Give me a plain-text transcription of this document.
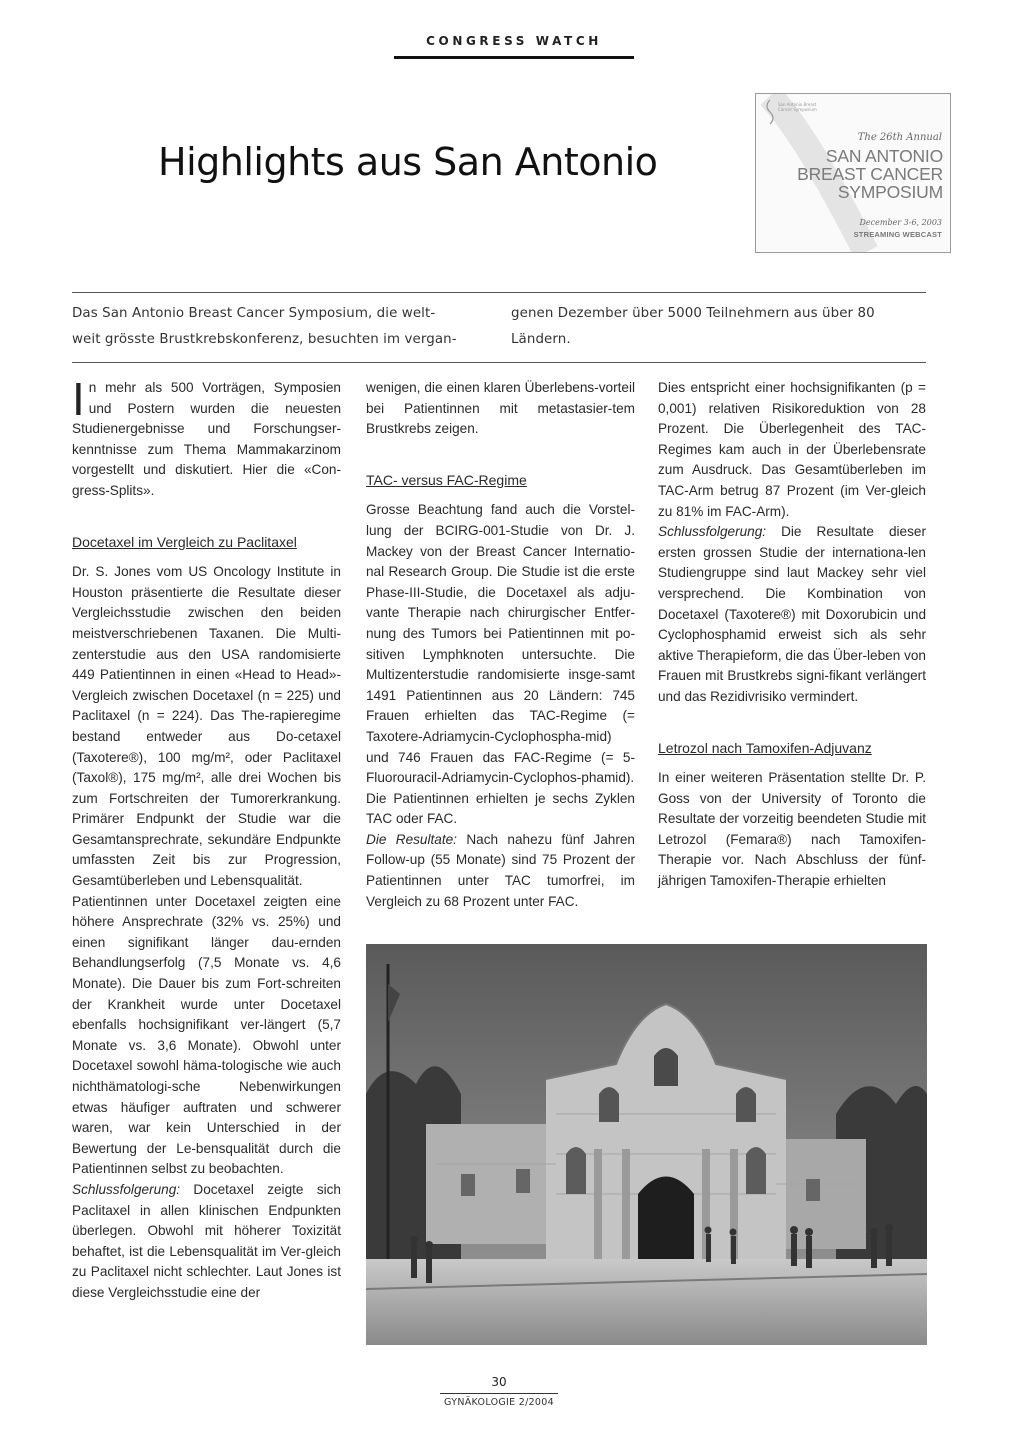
CONGRESS WATCH
Highlights aus San Antonio
San Antonio Breast Cancer Symposium
The 26th Annual
SAN ANTONIO
BREAST CANCER
SYMPOSIUM
December 3-6, 2003
STREAMING WEBCAST
Das San Antonio Breast Cancer Symposium, die welt-
weit grösste Brustkrebskonferenz, besuchten im vergan-
genen Dezember über 5000 Teilnehmern aus über 80
Ländern.

In mehr als 500 Vorträgen, Symposien und Postern wurden die neuesten Studienergebnisse und Forschungser-kenntnisse zum Thema Mammakarzinom vorgestellt und diskutiert. Hier die «Con-gress-Splits».

Docetaxel im Vergleich zu Paclitaxel

Dr. S. Jones vom US Oncology Institute in Houston präsentierte die Resultate dieser Vergleichsstudie zwischen den beiden meistverschriebenen Taxanen. Die Multi-zenterstudie aus den USA randomisierte 449 Patientinnen in einen «Head to Head»-Vergleich zwischen Docetaxel (n = 225) und Paclitaxel (n = 224). Das The-rapieregime bestand entweder aus Do-cetaxel (Taxotere®), 100 mg/m², oder Paclitaxel (Taxol®), 175 mg/m², alle drei Wochen bis zum Fortschreiten der Tumorerkrankung. Primärer Endpunkt der Studie war die Gesamtansprechrate, sekundäre Endpunkte umfassten Zeit bis zur Progression, Gesamtüberleben und Lebensqualität.

Patientinnen unter Docetaxel zeigten eine höhere Ansprechrate (32% vs. 25%) und einen signifikant länger dau-ernden Behandlungserfolg (7,5 Monate vs. 4,6 Monate). Die Dauer bis zum Fort-schreiten der Krankheit wurde unter Docetaxel ebenfalls hochsignifikant ver-längert (5,7 Monate vs. 3,6 Monate). Obwohl unter Docetaxel sowohl häma-tologische wie auch nichthämatologi-sche Nebenwirkungen etwas häufiger auftraten und schwerer waren, war kein Unterschied in der Bewertung der Le-bensqualität durch die Patientinnen selbst zu beobachten.

Schlussfolgerung: Docetaxel zeigte sich Paclitaxel in allen klinischen Endpunkten überlegen. Obwohl mit höherer Toxizität behaftet, ist die Lebensqualität im Ver-gleich zu Paclitaxel nicht schlechter. Laut Jones ist diese Vergleichsstudie eine der

wenigen, die einen klaren Überlebens-vorteil bei Patientinnen mit metastasier-tem Brustkrebs zeigen.

TAC- versus FAC-Regime

Grosse Beachtung fand auch die Vorstel-lung der BCIRG-001-Studie von Dr. J. Mackey von der Breast Cancer Internatio-nal Research Group. Die Studie ist die erste Phase-III-Studie, die Docetaxel als adju-vante Therapie nach chirurgischer Entfer-nung des Tumors bei Patientinnen mit po-sitiven Lymphknoten untersuchte. Die Multizenterstudie randomisierte insge-samt 1491 Patientinnen aus 20 Ländern: 745 Frauen erhielten das TAC-Regime (= Taxotere-Adriamycin-Cyclophospha-mid) und 746 Frauen das FAC-Regime (= 5-Fluorouracil-Adriamycin-Cyclophos-phamid). Die Patientinnen erhielten je sechs Zyklen TAC oder FAC.

Die Resultate: Nach nahezu fünf Jahren Follow-up (55 Monate) sind 75 Prozent der Patientinnen unter TAC tumorfrei, im Vergleich zu 68 Prozent unter FAC.

Dies entspricht einer hochsignifikanten (p = 0,001) relativen Risikoreduktion von 28 Prozent. Die Überlegenheit des TAC-Regimes kam auch in der Überlebensrate zum Ausdruck. Das Gesamtüberleben im TAC-Arm betrug 87 Prozent (im Ver-gleich zu 81% im FAC-Arm).

Schlussfolgerung: Die Resultate dieser ersten grossen Studie der internationa-len Studiengruppe sind laut Mackey sehr viel versprechend. Die Kombination von Docetaxel (Taxotere®) mit Doxorubicin und Cyclophosphamid erweist sich als sehr aktive Therapieform, die das Über-leben von Frauen mit Brustkrebs signi-fikant verlängert und das Rezidivrisiko vermindert.

Letrozol nach Tamoxifen-Adjuvanz

In einer weiteren Präsentation stellte Dr. P. Goss von der University of Toronto die Resultate der vorzeitig beendeten Studie mit Letrozol (Femara®) nach Tamoxifen-Therapie vor. Nach Abschluss der fünf-jährigen Tamoxifen-Therapie erhielten

30
GYNÄKOLOGIE 2/2004
